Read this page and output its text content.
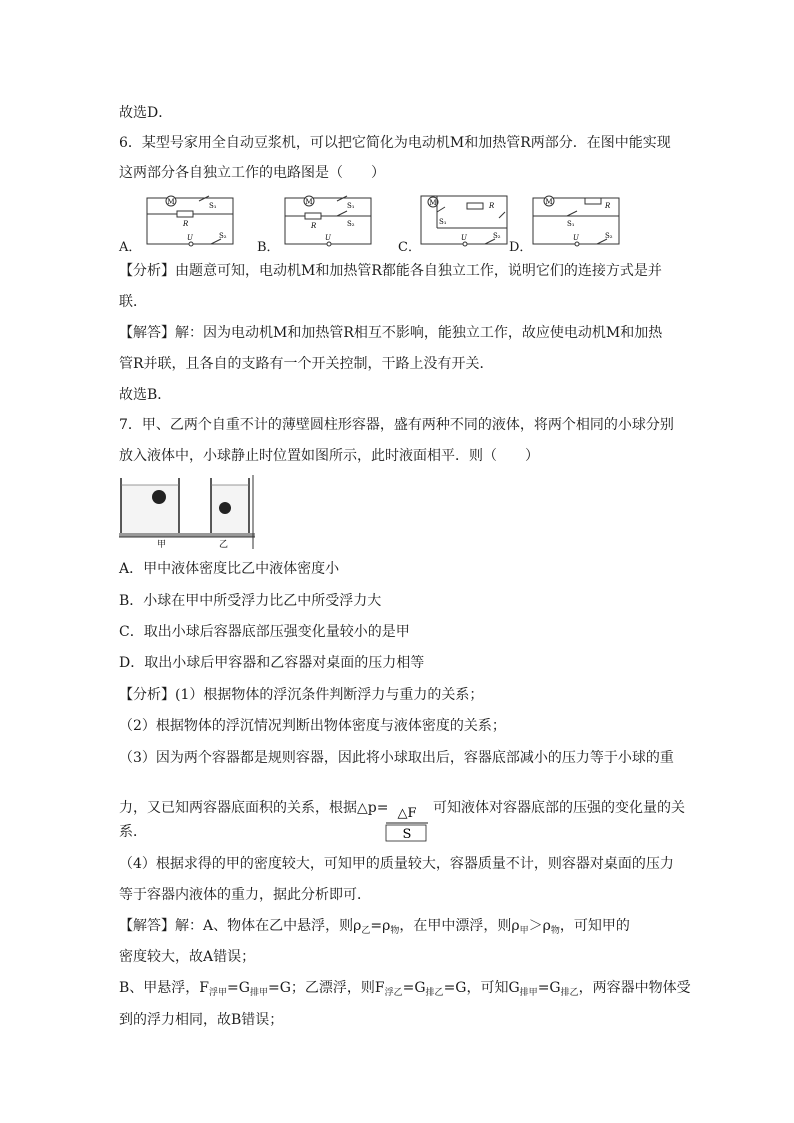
故选D．
6．某型号家用全自动豆浆机，可以把它简化为电动机M和加热管R两部分．在图中能实现
这两部分各自独立工作的电路图是（　　）
A．	B．	C．	D．
M	S₁
R
U	S₂
M	S₁
R	S₂
U
M
S₁
R
U	S₂
M
S₁
R
U	S₂
【分析】由题意可知，电动机M和加热管R都能各自独立工作，说明它们的连接方式是并
联．
【解答】解：因为电动机M和加热管R相互不影响，能独立工作，故应使电动机M和加热
管R并联，且各自的支路有一个开关控制，干路上没有开关．
故选B．
7．甲、乙两个自重不计的薄壁圆柱形容器，盛有两种不同的液体，将两个相同的小球分别
放入液体中，小球静止时位置如图所示，此时液面相平．则（　　）
甲	乙
A．甲中液体密度比乙中液体密度小
B．小球在甲中所受浮力比乙中所受浮力大
C．取出小球后容器底部压强变化量较小的是甲
D．取出小球后甲容器和乙容器对桌面的压力相等
【分析】(1）根据物体的浮沉条件判断浮力与重力的关系；
（2）根据物体的浮沉情况判断出物体密度与液体密度的关系；
（3）因为两个容器都是规则容器，因此将小球取出后，容器底部减小的压力等于小球的重
力，又已知两容器底面积的关系，根据△p= △F
S
可知液体对容器底部的压强的变化量的关
系．
（4）根据求得的甲的密度较大，可知甲的质量较大，容器质量不计，则容器对桌面的压力
等于容器内液体的重力，据此分析即可．
【解答】解：A、物体在乙中悬浮，则$\rho_乙=\rho_物$，在甲中漂浮，则$\rho_甲>\rho_物$，可知甲的
密度较大，故A错误；
B、甲悬浮，$F_{浮甲}=G_{排甲}=G$；乙漂浮，则$F_{浮乙}=G_{排乙}=G$，可知$G_{排甲}=G_{排乙}$，两容器中物体受
到的浮力相同，故B错误；
